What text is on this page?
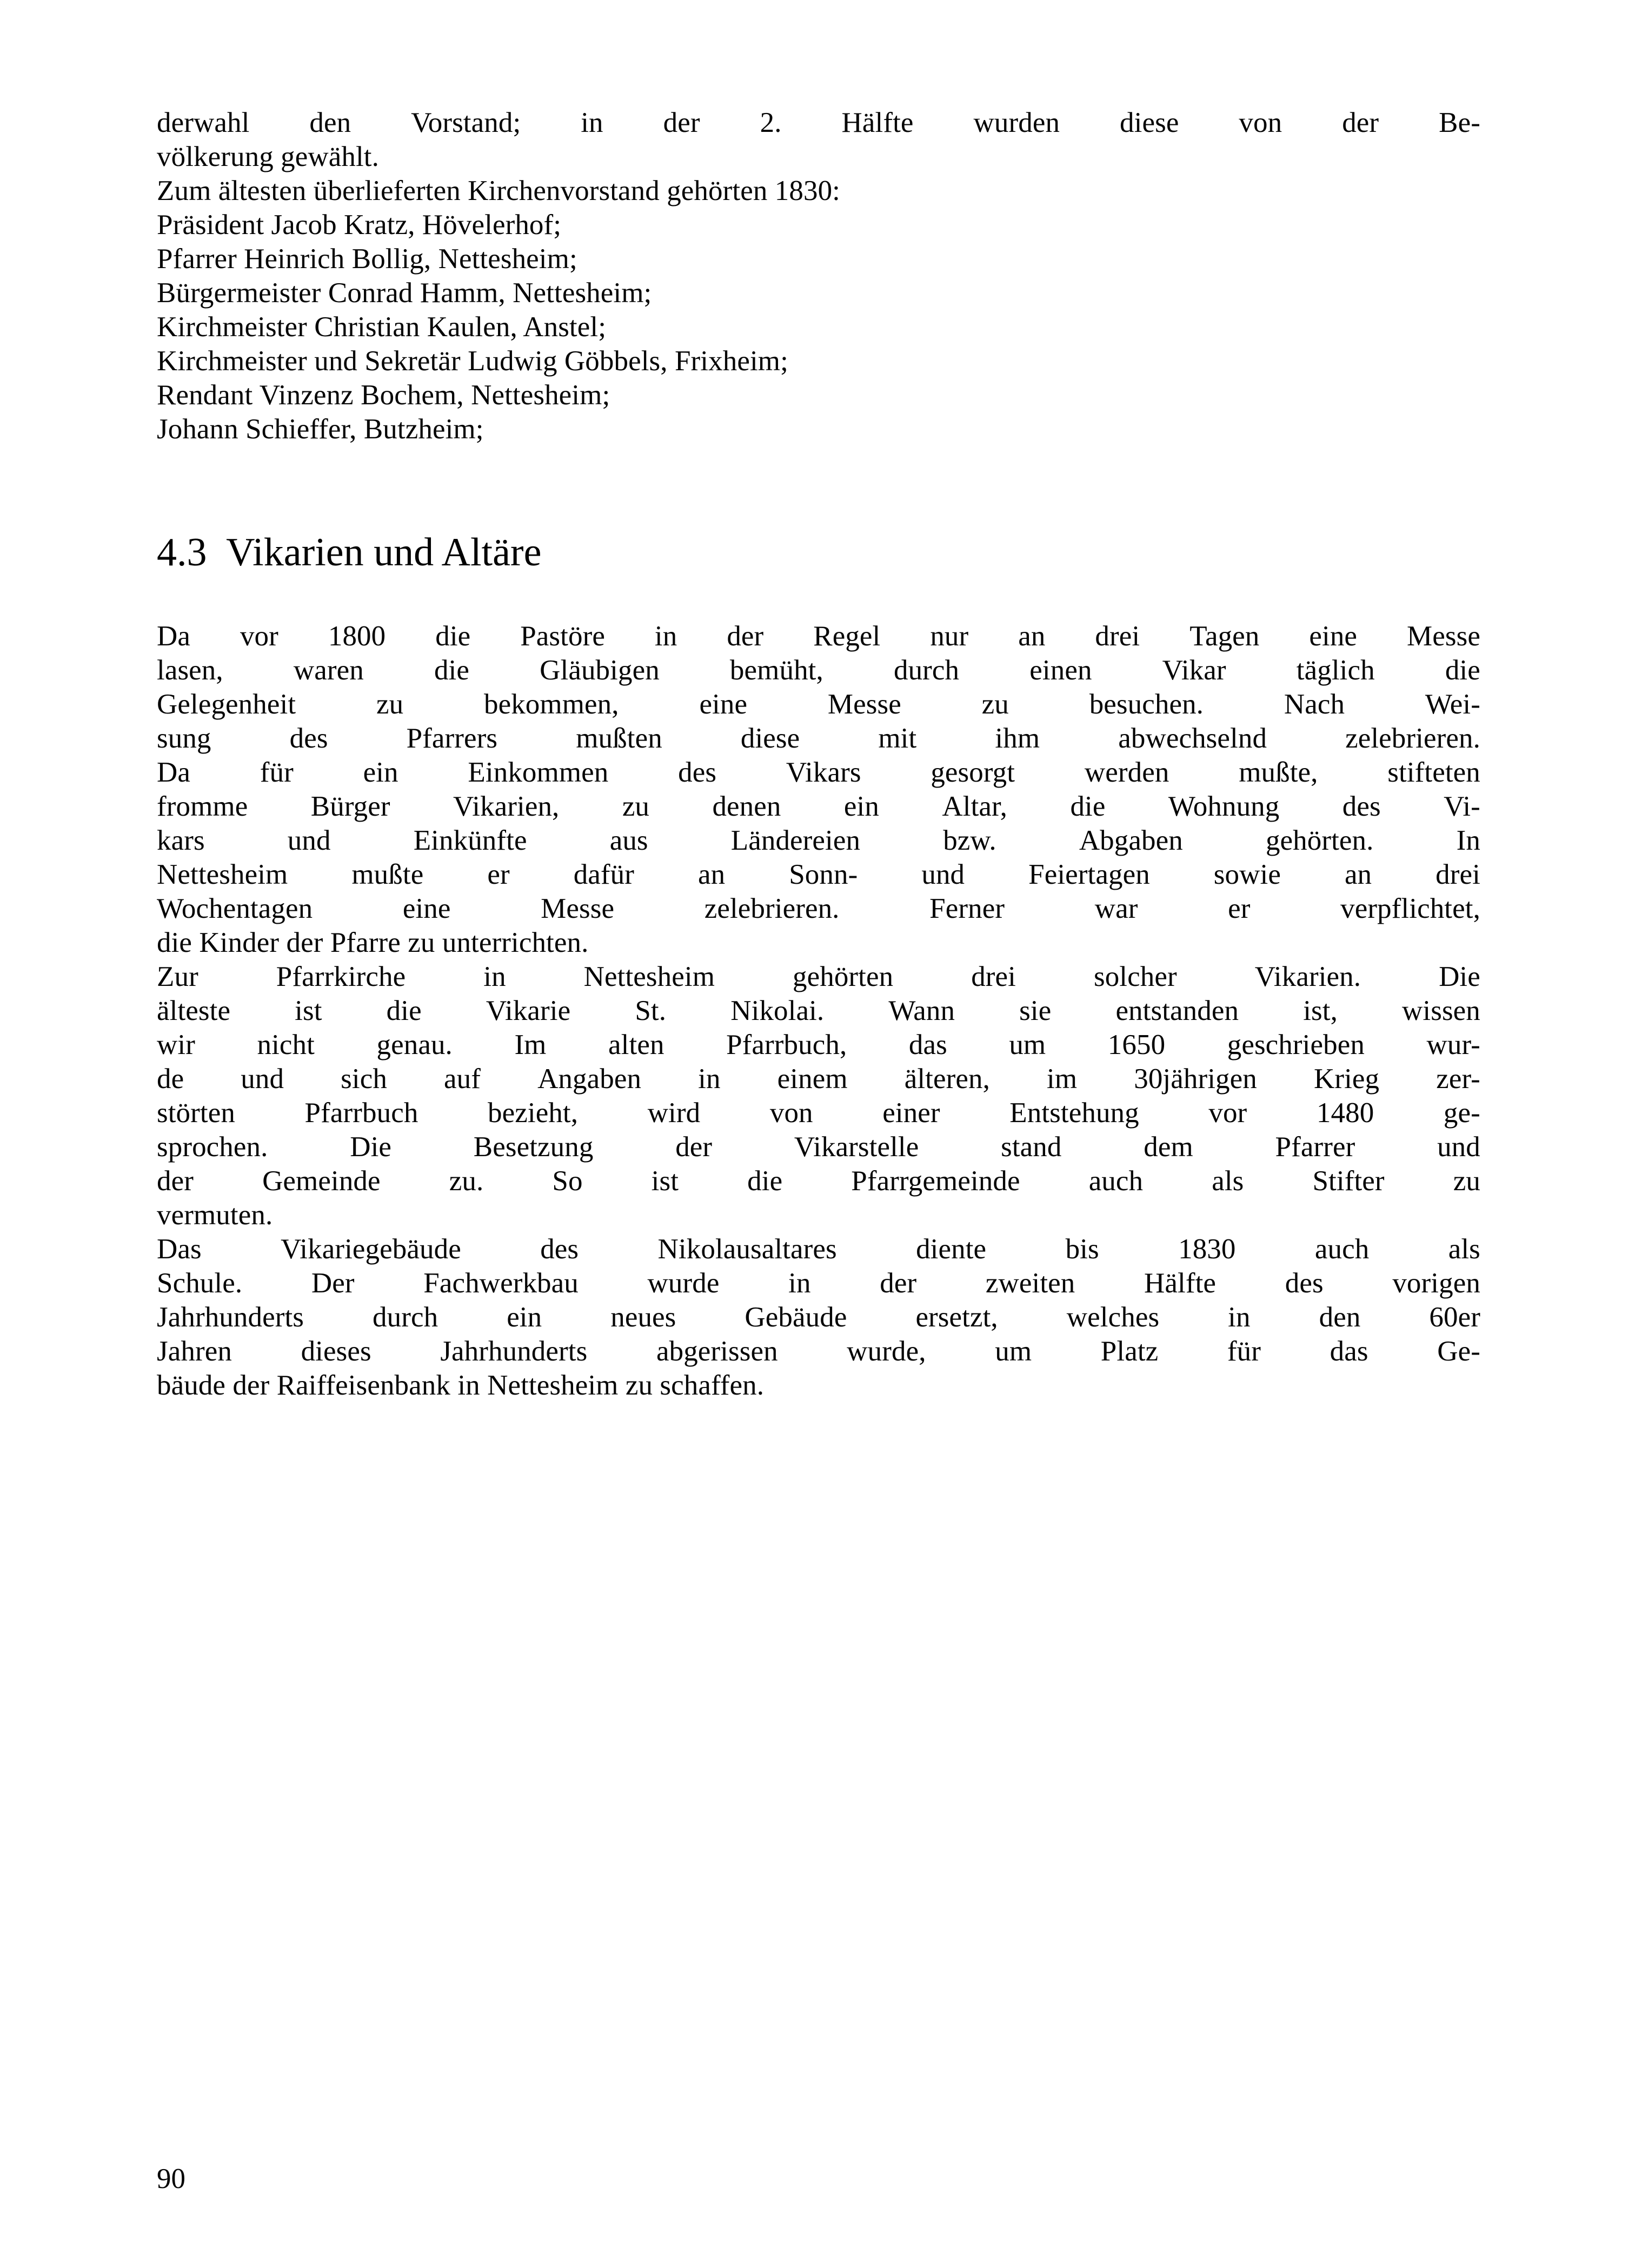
derwahl den Vorstand; in der 2. Hälfte wurden diese von der Be-
völkerung gewählt.
Zum ältesten überlieferten Kirchenvorstand gehörten 1830:
Präsident Jacob Kratz, Hövelerhof;
Pfarrer Heinrich Bollig, Nettesheim;
Bürgermeister Conrad Hamm, Nettesheim;
Kirchmeister Christian Kaulen, Anstel;
Kirchmeister und Sekretär Ludwig Göbbels, Frixheim;
Rendant Vinzenz Bochem, Nettesheim;
Johann Schieffer, Butzheim;
4.3  Vikarien und Altäre
Da vor 1800 die Pastöre in der Regel nur an drei Tagen eine Messe
lasen, waren die Gläubigen bemüht, durch einen Vikar täglich die
Gelegenheit	zu	bekommen,	eine	Messe	zu	besuchen.	Nach	Wei-
sung	des	Pfarrers	mußten	diese	mit	ihm	abwechselnd	zelebrieren.
Da für ein Einkommen des Vikars gesorgt werden mußte, stifteten
fromme Bürger Vikarien, zu denen ein Altar, die Wohnung des Vi-
kars	und	Einkünfte	aus	Ländereien	bzw.	Abgaben	gehörten.	In
Nettesheim mußte er dafür an Sonn- und Feiertagen sowie an drei
Wochentagen	eine	Messe	zelebrieren.	Ferner	war	er	verpflichtet,
die Kinder der Pfarre zu unterrichten.
Zur	Pfarrkirche	in	Nettesheim	gehörten	drei	solcher	Vikarien.	Die
älteste ist die Vikarie St. Nikolai. Wann sie entstanden ist, wissen
wir nicht genau. Im alten Pfarrbuch, das um 1650 geschrieben wur-
de und sich auf Angaben in einem älteren, im 30jährigen Krieg zer-
störten Pfarrbuch bezieht, wird von einer Entstehung vor 1480 ge-
sprochen.	Die	Besetzung	der	Vikarstelle	stand	dem	Pfarrer	und
der Gemeinde zu. So ist die Pfarrgemeinde auch als Stifter zu
vermuten.
Das	Vikariegebäude	des	Nikolausaltares	diente	bis	1830	auch	als
Schule. Der Fachwerkbau wurde in der zweiten Hälfte des vorigen
Jahrhunderts durch ein neues Gebäude ersetzt, welches in den 60er
Jahren dieses Jahrhunderts abgerissen wurde, um Platz für das Ge-
bäude der Raiffeisenbank in Nettesheim zu schaffen.
90
